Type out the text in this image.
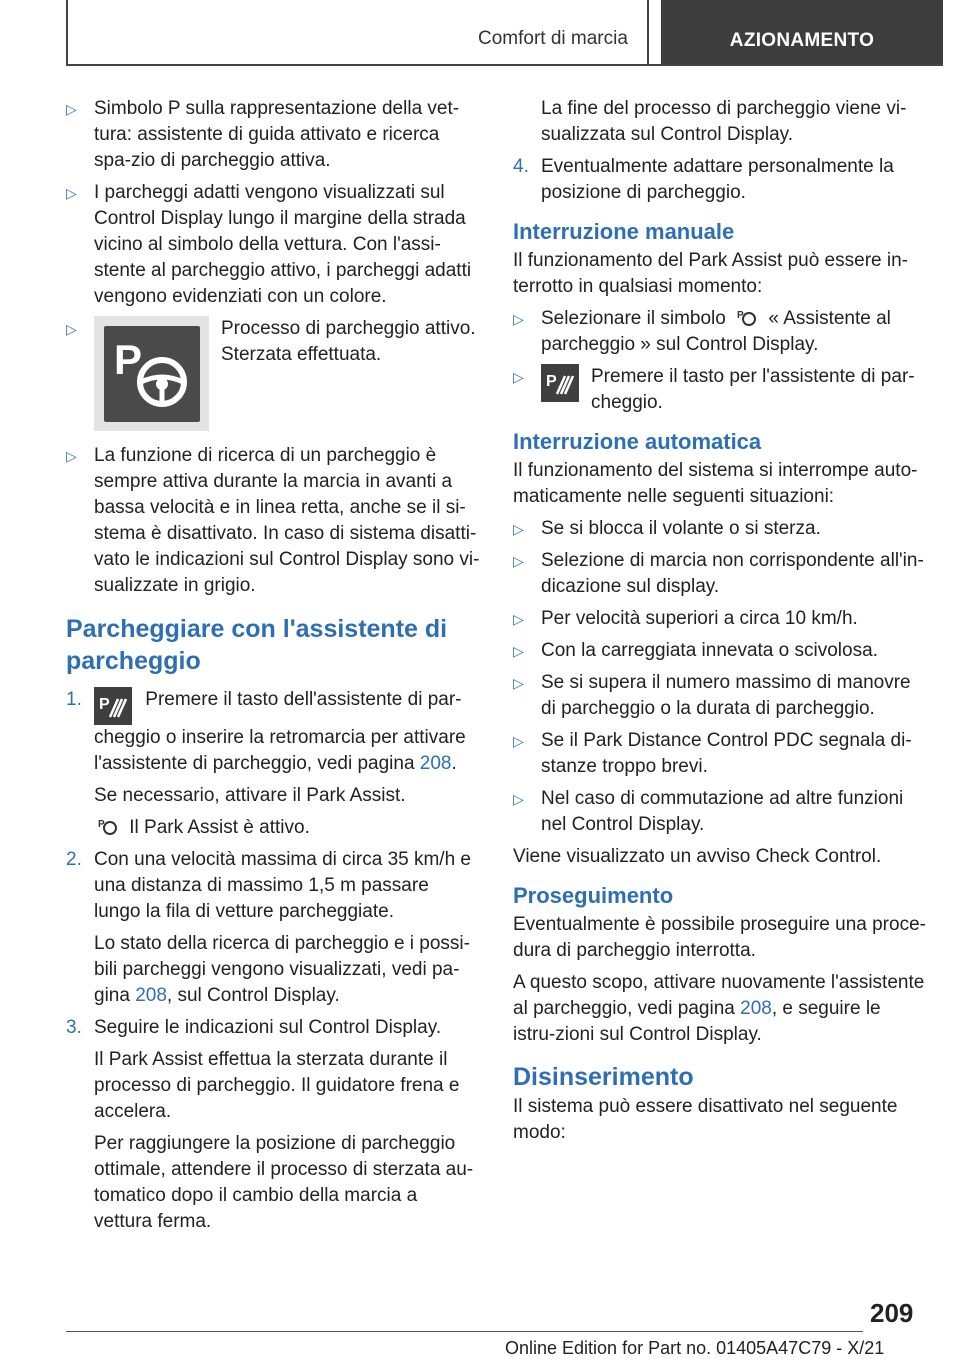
Comfort di marcia	AZIONAMENTO
▷ Simbolo P sulla rappresentazione della vet-tura: assistente di guida attivato e ricerca spa-zio di parcheggio attiva.
▷ I parcheggi adatti vengono visualizzati sul Control Display lungo il margine della strada vicino al simbolo della vettura. Con l'assi-stente al parcheggio attivo, i parcheggi adatti vengono evidenziati con un colore.
▷
P
Processo di parcheggio attivo. Sterzata effettuata.
▷ La funzione di ricerca di un parcheggio è sempre attiva durante la marcia in avanti a bassa velocità e in linea retta, anche se il si-stema è disattivato. In caso di sistema disatti-vato le indicazioni sul Control Display sono vi-sualizzate in grigio.
Parcheggiare con l'assistente di parcheggio
1.	P Premere il tasto dell'assistente di par-cheggio o inserire la retromarcia per attivare l'assistente di parcheggio, vedi pagina 208.
Se necessario, attivare il Park Assist.
P Il Park Assist è attivo.
2. Con una velocità massima di circa 35 km/h e una distanza di massimo 1,5 m passare lungo la fila di vetture parcheggiate.
Lo stato della ricerca di parcheggio e i possi-bili parcheggi vengono visualizzati, vedi pa-gina 208, sul Control Display.
3. Seguire le indicazioni sul Control Display.
Il Park Assist effettua la sterzata durante il processo di parcheggio. Il guidatore frena e accelera.
Per raggiungere la posizione di parcheggio ottimale, attendere il processo di sterzata au-tomatico dopo il cambio della marcia a vettura ferma.
La fine del processo di parcheggio viene vi-sualizzata sul Control Display.
4. Eventualmente adattare personalmente la posizione di parcheggio.
Interruzione manuale
Il funzionamento del Park Assist può essere in-terrotto in qualsiasi momento:
▷ Selezionare il simbolo P « Assistente al parcheggio » sul Control Display.
▷	P Premere il tasto per l'assistente di par-cheggio.
Interruzione automatica
Il funzionamento del sistema si interrompe auto-maticamente nelle seguenti situazioni:
▷ Se si blocca il volante o si sterza.
▷ Selezione di marcia non corrispondente all'in-dicazione sul display.
▷ Per velocità superiori a circa 10 km/h.
▷ Con la carreggiata innevata o scivolosa.
▷ Se si supera il numero massimo di manovre di parcheggio o la durata di parcheggio.
▷ Se il Park Distance Control PDC segnala di-stanze troppo brevi.
▷ Nel caso di commutazione ad altre funzioni nel Control Display.
Viene visualizzato un avviso Check Control.
Proseguimento
Eventualmente è possibile proseguire una proce-dura di parcheggio interrotta.
A questo scopo, attivare nuovamente l'assistente al parcheggio, vedi pagina 208, e seguire le istru-zioni sul Control Display.
Disinserimento
Il sistema può essere disattivato nel seguente modo:
209
Online Edition for Part no. 01405A47C79 - X/21
